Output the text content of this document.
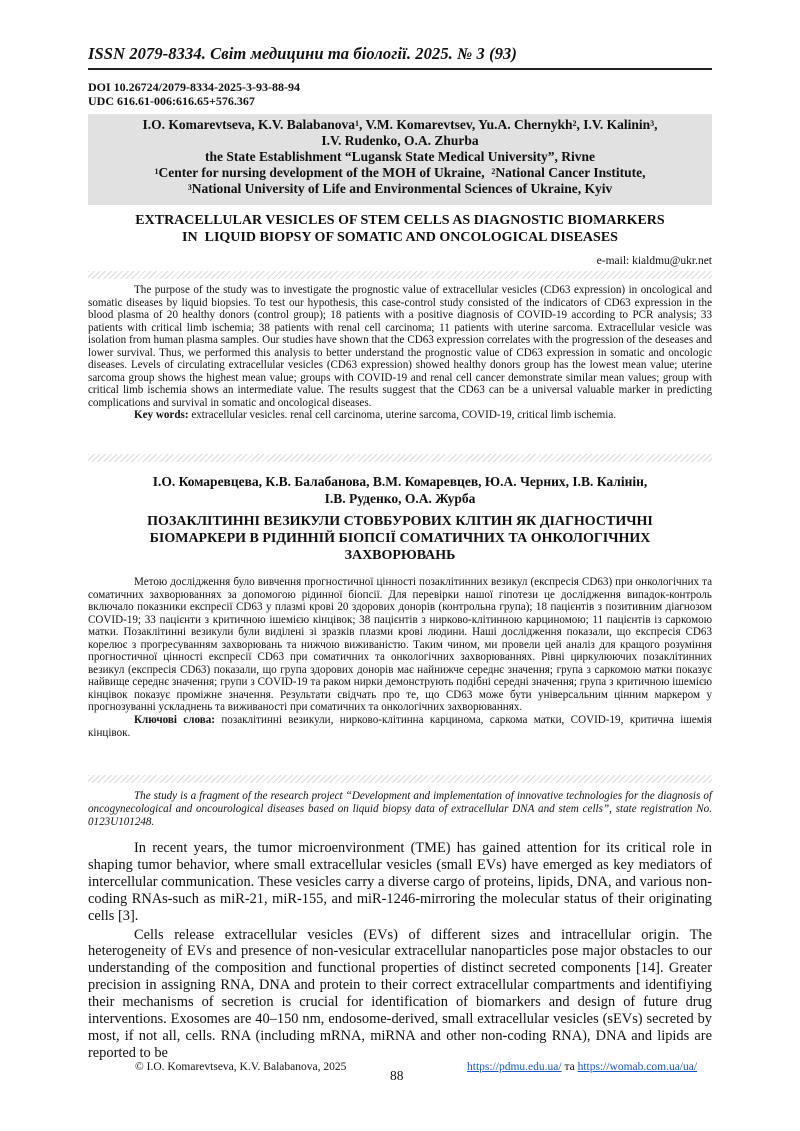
ISSN 2079-8334. Світ медицини та біології. 2025. № 3 (93)
DOI 10.26724/2079-8334-2025-3-93-88-94
UDC 616.61-006:616.65+576.367
I.O. Komarevtseva, K.V. Balabanova$^1$, V.M. Komarevtsev, Yu.A. Chernykh$^2$, I.V. Kalinin$^3$,
I.V. Rudenko, O.A. Zhurba
the State Establishment “Lugansk State Medical University”, Rivne
$^1$Center for nursing development of the MOH of Ukraine, $^2$National Cancer Institute,
$^3$National University of Life and Environmental Sciences of Ukraine, Kyiv
EXTRACELLULAR VESICLES OF STEM CELLS AS DIAGNOSTIC BIOMARKERS
IN  LIQUID BIOPSY OF SOMATIC AND ONCOLOGICAL DISEASES
e-mail: kialdmu@ukr.net

The purpose of the study was to investigate the prognostic value of extracellular vesicles (CD63 expression) in oncological and somatic diseases by liquid biopsies. To test our hypothesis, this case-control study consisted of the indicators of CD63 expression in the blood plasma of 20 healthy donors (control group); 18 patients with a positive diagnosis of COVID-19 according to PCR analysis; 33 patients with critical limb ischemia; 38 patients with renal cell carcinoma; 11 patients with uterine sarcoma. Extracellular vesicle was isolation from human plasma samples. Our studies have shown that the CD63 expression correlates with the progression of the deseases and lower survival. Thus, we performed this analysis to better understand the prognostic value of CD63 expression in somatic and oncologic diseases. Levels of circulating extracellular vesicles (CD63 expression) showed healthy donors group has the lowest mean value; uterine sarcoma group shows the highest mean value; groups with COVID-19 and renal cell cancer demonstrate similar mean values; group with critical limb ischemia shows an intermediate value. The results suggest that the CD63 can be a universal valuable marker in predicting complications and survival in somatic and oncological diseases.

Key words: extracellular vesicles. renal cell carcinoma, uterine sarcoma, COVID-19, critical limb ischemia.

І.О. Комаревцева, К.В. Балабанова, В.М. Комаревцев, Ю.А. Черних, І.В. Калінін,
І.В. Руденко, О.А. Журба
ПОЗАКЛІТИННІ ВЕЗИКУЛИ СТОВБУРОВИХ КЛІТИН ЯК ДІАГНОСТИЧНІ
БІОМАРКЕРИ В РІДИННІЙ БІОПСІЇ СОМАТИЧНИХ ТА ОНКОЛОГІЧНИХ
ЗАХВОРЮВАНЬ

Метою дослідження було вивчення прогностичної цінності позаклітинних везикул (експресія CD63) при онкологічних та соматичних захворюваннях за допомогою рідинної біопсії. Для перевірки нашої гіпотези це дослідження випадок-контроль включало показники експресії CD63 у плазмі крові 20 здорових донорів (контрольна група); 18 пацієнтів з позитивним діагнозом COVID-19; 33 пацієнти з критичною ішемією кінцівок; 38 пацієнтів з нирково-клітинною карциномою; 11 пацієнтів із саркомою матки. Позаклітинні везикули були виділені зі зразків плазми крові людини. Наші дослідження показали, що експресія CD63 корелює з прогресуванням захворювань та нижчою виживаністю. Таким чином, ми провели цей аналіз для кращого розуміння прогностичної цінності експресії CD63 при соматичних та онкологічних захворюваннях. Рівні циркулюючих позаклітинних везикул (експресія CD63) показали, що група здорових донорів має найнижче середнє значення; група з саркомою матки показує найвище середнє значення; групи з COVID-19 та раком нирки демонструють подібні середні значення; група з критичною ішемією кінцівок показує проміжне значення. Результати свідчать про те, що CD63 може бути універсальним цінним маркером у прогнозуванні ускладнень та виживаності при соматичних та онкологічних захворюваннях.

Ключові слова: позаклітинні везикули, нирково-клітинна карцинома, саркома матки, COVID-19, критична ішемія кінцівок.

The study is a fragment of the research project “Development and implementation of innovative technologies for the diagnosis of oncogynecological and oncourological diseases based on liquid biopsy data of extracellular DNA and stem cells”, state registration No. 0123U101248.

In recent years, the tumor microenvironment (TME) has gained attention for its critical role in shaping tumor behavior, where small extracellular vesicles (small EVs) have emerged as key mediators of intercellular communication. These vesicles carry a diverse cargo of proteins, lipids, DNA, and various non-coding RNAs-such as miR-21, miR-155, and miR-1246-mirroring the molecular status of their originating cells [3].

Cells release extracellular vesicles (EVs) of different sizes and intracellular origin. The heterogeneity of EVs and presence of non-vesicular extracellular nanoparticles pose major obstacles to our understanding of the composition and functional properties of distinct secreted components [14]. Greater precision in assigning RNA, DNA and protein to their correct extracellular compartments and identifiying their mechanisms of secretion is crucial for identification of biomarkers and design of future drug interventions. Exosomes are 40–150 nm, endosome-derived, small extracellular vesicles (sEVs) secreted by most, if not all, cells. RNA (including mRNA, miRNA and other non-coding RNA), DNA and lipids are reported to be

© I.O. Komarevtseva, K.V. Balabanova, 2025
88
https://pdmu.edu.ua/ та https://womab.com.ua/ua/
